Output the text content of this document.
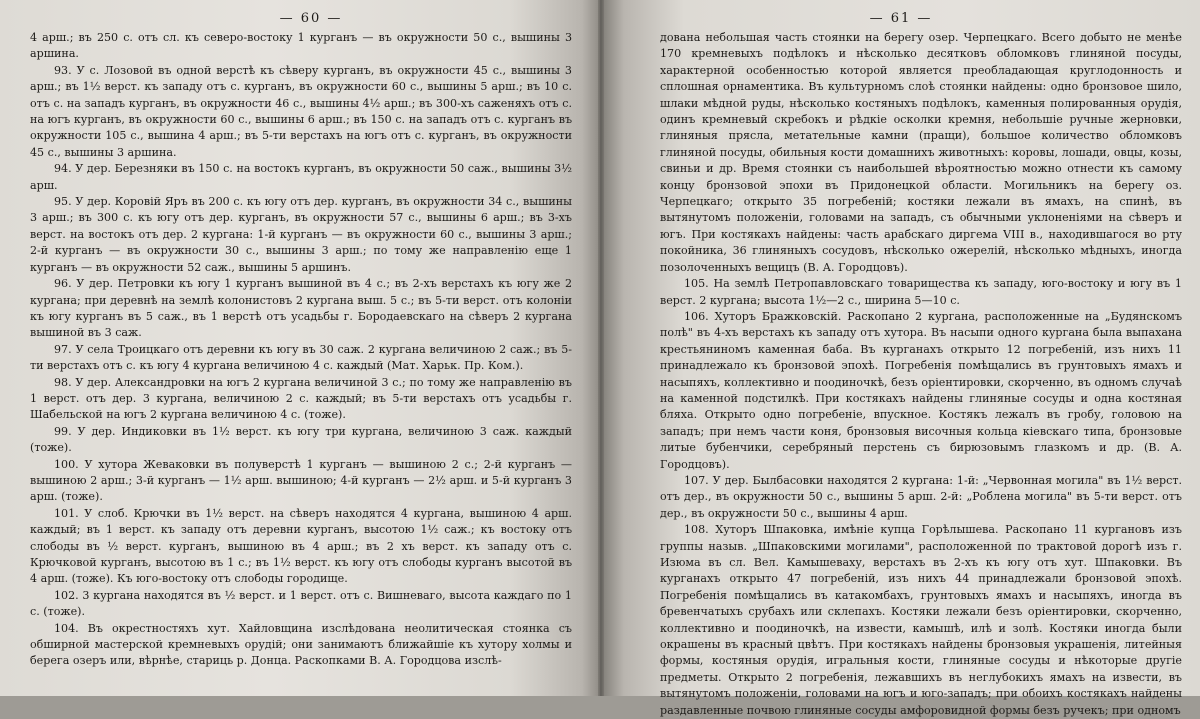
— 60 —

4 арш.; въ 250 с. отъ сл. къ северо-востоку 1 курганъ — въ окружности 50 с., вышины 3 аршина.

93. У с. Лозовой въ одной верстѣ къ сѣверу курганъ, въ окружности 45 с., вышины 3 арш.; въ 1½ верст. къ западу отъ с. курганъ, въ окружности 60 с., вышины 5 арш.; въ 10 с. отъ с. на западъ курганъ, въ окружности 46 с., вышины 4½ арш.; въ 300-хъ саженяхъ отъ с. на югъ курганъ, въ окружности 60 с., вышины 6 арш.; въ 150 с. на западъ отъ с. курганъ въ окружности 105 с., вышина 4 арш.; въ 5-ти верстахъ на югъ отъ с. курганъ, въ окружности 45 с., вышины 3 аршина.

94. У дер. Березняки въ 150 с. на востокъ курганъ, въ окружности 50 саж., вышины 3½ арш.

95. У дер. Коровій Яръ въ 200 с. къ югу отъ дер. курганъ, въ окружности 34 с., вышины 3 арш.; въ 300 с. къ югу отъ дер. курганъ, въ окружности 57 с., вышины 6 арш.; въ 3-хъ верст. на востокъ отъ дер. 2 кургана: 1-й курганъ — въ окружности 60 с., вышины 3 арш.; 2-й курганъ — въ окружности 30 с., вышины 3 арш.; по тому же направленію еще 1 курганъ — въ окружности 52 саж., вышины 5 аршинъ.

96. У дер. Петровки къ югу 1 курганъ вышиной въ 4 с.; въ 2-хъ верстахъ къ югу же 2 кургана; при деревнѣ на землѣ колонистовъ 2 кургана выш. 5 с.; въ 5-ти верст. отъ колоніи къ югу курганъ въ 5 саж., въ 1 верстѣ отъ усадьбы г. Бородаевскаго на сѣверъ 2 кургана вышиной въ 3 саж.

97. У села Троицкаго отъ деревни къ югу въ 30 саж. 2 кургана величиною 2 саж.; въ 5-ти верстахъ отъ с. къ югу 4 кургана величиною 4 с. каждый (Мат. Харьк. Пр. Ком.).

98. У дер. Александровки на югъ 2 кургана величиной 3 с.; по тому же направленію въ 1 верст. отъ дер. 3 кургана, величиною 2 с. каждый; въ 5-ти верстахъ отъ усадьбы г. Шабельской на югъ 2 кургана величиною 4 с. (тоже).

99. У дер. Индиковки въ 1½ верст. къ югу три кургана, величиною 3 саж. каждый (тоже).

100. У хутора Жеваковки въ полуверстѣ 1 курганъ — вышиною 2 с.; 2-й курганъ — вышиною 2 арш.; 3-й курганъ — 1½ арш. вышиною; 4-й курганъ — 2½ арш. и 5-й курганъ 3 арш. (тоже).

101. У слоб. Крючки въ 1½ верст. на сѣверъ находятся 4 кургана, вышиною 4 арш. каждый; въ 1 верст. къ западу отъ деревни курганъ, высотою 1½ саж.; къ востоку отъ слободы въ ½ верст. курганъ, вышиною въ 4 арш.; въ 2 хъ верст. къ западу отъ с. Крючковой курганъ, высотою въ 1 с.; въ 1½ верст. къ югу отъ слободы курганъ высотой въ 4 арш. (тоже). Къ юго-востоку отъ слободы городище.

102. 3 кургана находятся въ ½ верст. и 1 верст. отъ с. Вишневаго, высота каждаго по 1 с. (тоже).

104. Въ окрестностяхъ хут. Хайловщина изслѣдована неолитическая стоянка съ обширной мастерской кремневыхъ орудій; они занимаютъ ближайшіе къ хутору холмы и берега озеръ или, вѣрнѣе, стариць р. Донца. Раскопками В. А. Городцова изслѣ-

— 61 —

дована небольшая часть стоянки на берегу озер. Черпецкаго. Всего добыто не менѣе 170 кремневыхъ подѣлокъ и нѣсколько десятковъ обломковъ глиняной посуды, характерной особенностью которой является преобладающая круглодонность и сплошная орнаментика. Въ культурномъ слоѣ стоянки найдены: одно бронзовое шило, шлаки мѣдной руды, нѣсколько костяныхъ подѣлокъ, каменныя полированныя орудія, одинъ кремневый скребокъ и рѣдкіе осколки кремня, небольшіе ручные жерновки, глиняныя прясла, метательные камни (пращи), большое количество обломковъ глиняной посуды, обильныя кости домашнихъ животныхъ: коровы, лошади, овцы, козы, свиньи и др. Время стоянки съ наибольшей вѣроятностью можно отнести къ самому концу бронзовой эпохи въ Придонецкой области. Могильникъ на берегу оз. Черпецкаго; открыто 35 погребеній; костяки лежали въ ямахъ, на спинѣ, въ вытянутомъ положеніи, головами на западъ, съ обычными уклоненіями на сѣверъ и югъ. При костякахъ найдены: часть арабскаго диргема VIII в., находившагося во рту покойника, 36 глиняныхъ сосудовъ, нѣсколько ожерелій, нѣсколько мѣдныхъ, иногда позолоченныхъ вещицъ (В. А. Городцовъ).

105. На землѣ Петропавловскаго товарищества къ западу, юго-востоку и югу въ 1 верст. 2 кургана; высота 1½—2 с., ширина 5—10 с.

106. Хуторъ Бражковскій. Раскопано 2 кургана, расположенные на „Будянскомъ полѣ" въ 4-хъ верстахъ къ западу отъ хутора. Въ насыпи одного кургана была выпахана крестьяниномъ каменная баба. Въ курганахъ открыто 12 погребеній, изъ нихъ 11 принадлежало къ бронзовой эпохѣ. Погребенія помѣщались въ грунтовыхъ ямахъ и насыпяхъ, коллективно и поодиночкѣ, безъ оріентировки, скорченно, въ одномъ случаѣ на каменной подстилкѣ. При костякахъ найдены глиняные сосуды и одна костяная бляха. Открыто одно погребеніе, впускное. Костякъ лежалъ въ гробу, головою на западъ; при немъ части коня, бронзовыя височныя кольца кіевскаго типа, бронзовые литые бубенчики, серебряный перстень съ бирюзовымъ глазкомъ и др. (В. А. Городцовъ).

107. У дер. Былбасовки находятся 2 кургана: 1-й: „Червонная могила" въ 1½ верст. отъ дер., въ окружности 50 с., вышины 5 арш. 2-й: „Роблена могила" въ 5-ти верст. отъ дер., въ окружности 50 с., вышины 4 арш.

108. Хуторъ Шпаковка, имѣніе купца Горѣлышева. Раскопано 11 кургановъ изъ группы назыв. „Шпаковскими могилами", расположенной по трактовой дорогѣ изъ г. Изюма въ сл. Вел. Камышеваху, верстахъ въ 2-хъ къ югу отъ хут. Шпаковки. Въ курганахъ открыто 47 погребеній, изъ нихъ 44 принадлежали бронзовой эпохѣ. Погребенія помѣщались въ катакомбахъ, грунтовыхъ ямахъ и насыпяхъ, иногда въ бревенчатыхъ срубахъ или склепахъ. Костяки лежали безъ оріентировки, скорченно, коллективно и поодиночкѣ, на извести, камышѣ, илѣ и золѣ. Костяки иногда были окрашены въ красный цвѣтъ. При костякахъ найдены бронзовыя украшенія, литейныя формы, костяныя орудія, игральныя кости, глиняные сосуды и нѣкоторые другіе предметы. Открыто 2 погребенія, лежавшихъ въ неглубокихъ ямахъ на извести, въ вытянутомъ положеніи, головами на югъ и юго-западъ; при обоихъ костякахъ найдены раздавленные почвою глиняные сосуды амфоровидной формы безъ ручекъ; при одномъ
